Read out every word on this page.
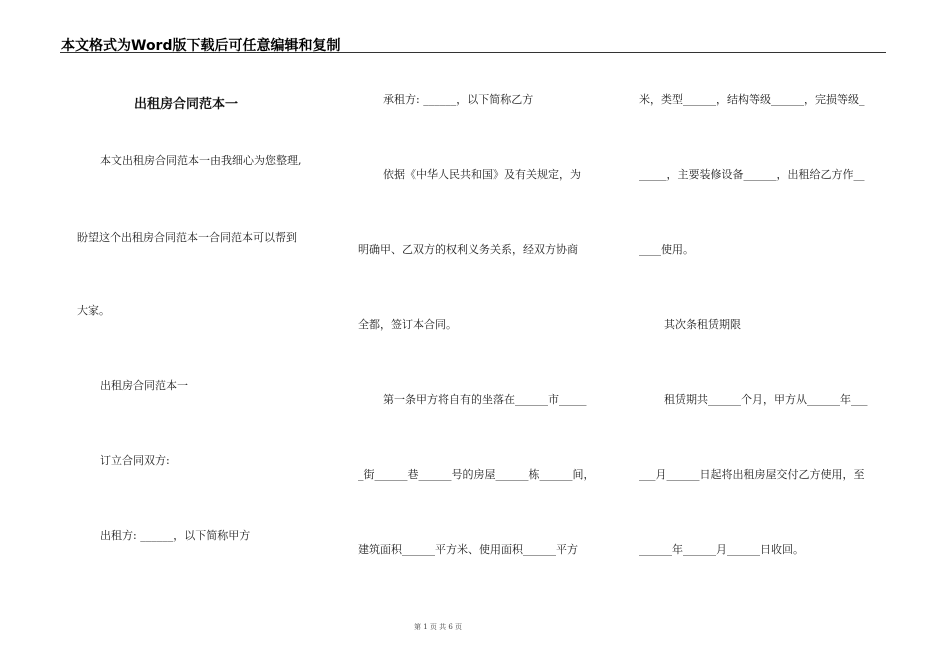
本文格式为Word版下载后可任意编辑和复制
出租房合同范本一
本文出租房合同范本一由我细心为您整理,
盼望这个出租房合同范本一合同范本可以帮到
大家。
出租房合同范本一
订立合同双方:
出租方: ______，以下简称甲方
承租方: ______，以下简称乙方
依据《中华人民共和国》及有关规定，为
明确甲、乙双方的权利义务关系，经双方协商
全都，签订本合同。
第一条甲方将自有的坐落在______市_____
_街______巷______号的房屋______栋______间，
建筑面积______平方米、使用面积______平方
米，类型______，结构等级______，完损等级_
_____，主要装修设备______，出租给乙方作__
____使用。
其次条租赁期限
租赁期共______个月，甲方从______年___
___月______日起将出租房屋交付乙方使用，至
______年______月______日收回。
第 1 页 共 6 页
